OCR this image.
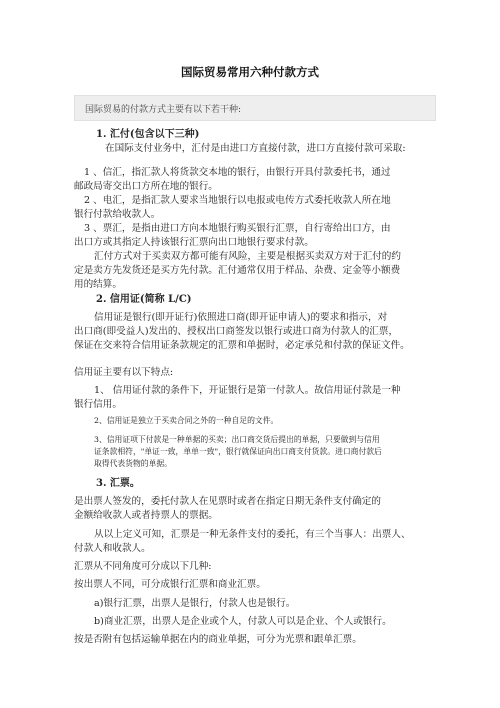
国际贸易常用六种付款方式
国际贸易的付款方式主要有以下若干种:
1. 汇付(包含以下三种)
在国际支付业务中，汇付是由进口方直接付款，进口方直接付款可采取:
1 、信汇，指汇款人将货款交本地的银行，由银行开具付款委托书，通过
邮政局寄交出口方所在地的银行。
2 、电汇，是指汇款人要求当地银行以电报或电传方式委托收款人所在地
银行付款给收款人。
3 、票汇，是指由进口方向本地银行购买银行汇票，自行寄给出口方，由
出口方或其指定人持该银行汇票向出口地银行要求付款。
汇付方式对于买卖双方都可能有风险，主要是根据买卖双方对于汇付的约
定是卖方先发货还是买方先付款。汇付通常仅用于样品、杂费、定金等小额费
用的结算。
2. 信用证(简称 L/C)
信用证是银行(即开证行)依照进口商(即开证申请人)的要求和指示，对
出口商(即受益人)发出的、授权出口商签发以银行或进口商为付款人的汇票，
保证在交来符合信用证条款规定的汇票和单据时，必定承兑和付款的保证文件。
信用证主要有以下特点:
1、 信用证付款的条件下，开证银行是第一付款人。故信用证付款是一种
银行信用。
2、信用证是独立于买卖合同之外的一种自足的文件。
3、信用证项下付款是一种单据的买卖；出口商交货后提出的单据，只要做到与信用
证条款相符，"单证一致，单单一致"，银行就保证向出口商支付货款。进口商付款后
取得代表货物的单据。
3. 汇票。
是出票人签发的，委托付款人在见票时或者在指定日期无条件支付确定的
金额给收款人或者持票人的票据。
从以上定义可知，汇票是一种无条件支付的委托，有三个当事人：出票人、
付款人和收款人。
汇票从不同角度可分成以下几种:
按出票人不同，可分成银行汇票和商业汇票。
a)银行汇票，出票人是银行，付款人也是银行。
b)商业汇票，出票人是企业或个人，付款人可以是企业、个人或银行。
按是否附有包括运输单据在内的商业单据，可分为光票和跟单汇票。
